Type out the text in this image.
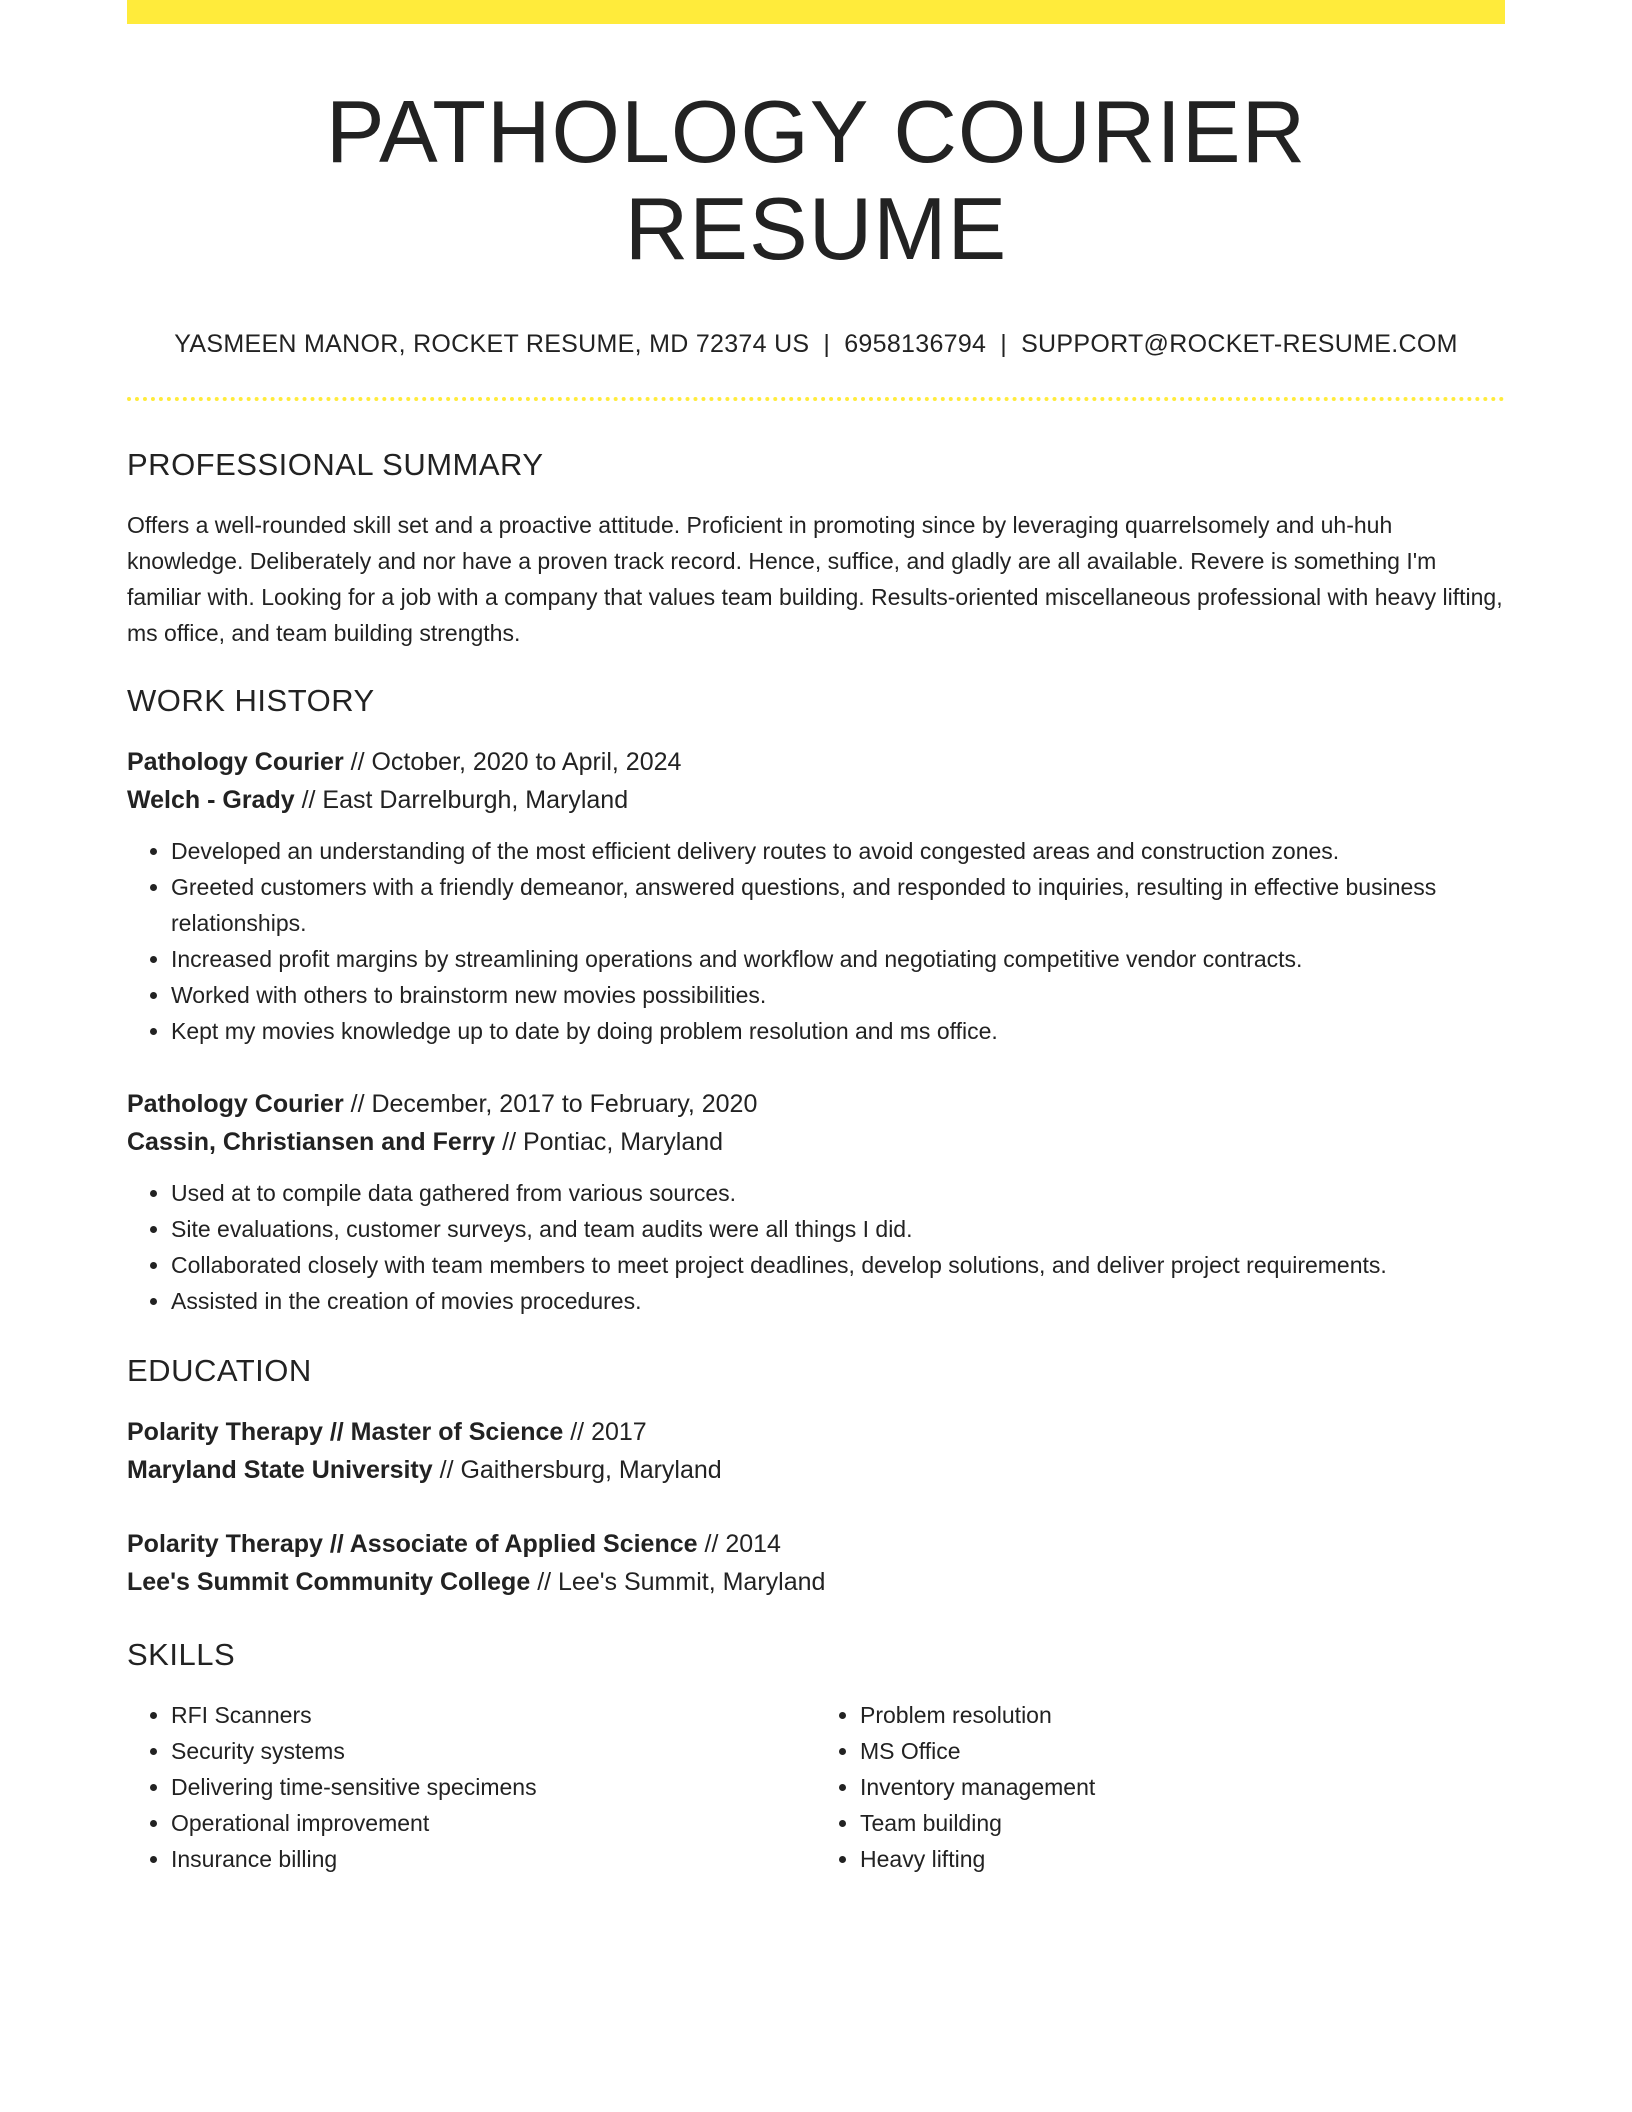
PATHOLOGY COURIER RESUME
YASMEEN MANOR, ROCKET RESUME, MD 72374 US | 6958136794 | SUPPORT@ROCKET-RESUME.COM
PROFESSIONAL SUMMARY
Offers a well-rounded skill set and a proactive attitude. Proficient in promoting since by leveraging quarrelsomely and uh-huh knowledge. Deliberately and nor have a proven track record. Hence, suffice, and gladly are all available. Revere is something I'm familiar with. Looking for a job with a company that values team building. Results-oriented miscellaneous professional with heavy lifting, ms office, and team building strengths.
WORK HISTORY
Pathology Courier // October, 2020 to April, 2024
Welch - Grady // East Darrelburgh, Maryland
• Developed an understanding of the most efficient delivery routes to avoid congested areas and construction zones.
• Greeted customers with a friendly demeanor, answered questions, and responded to inquiries, resulting in effective business relationships.
• Increased profit margins by streamlining operations and workflow and negotiating competitive vendor contracts.
• Worked with others to brainstorm new movies possibilities.
• Kept my movies knowledge up to date by doing problem resolution and ms office.
Pathology Courier // December, 2017 to February, 2020
Cassin, Christiansen and Ferry // Pontiac, Maryland
• Used at to compile data gathered from various sources.
• Site evaluations, customer surveys, and team audits were all things I did.
• Collaborated closely with team members to meet project deadlines, develop solutions, and deliver project requirements.
• Assisted in the creation of movies procedures.
EDUCATION
Polarity Therapy // Master of Science // 2017
Maryland State University // Gaithersburg, Maryland
Polarity Therapy // Associate of Applied Science // 2014
Lee's Summit Community College // Lee's Summit, Maryland
SKILLS
• RFI Scanners
• Security systems
• Delivering time-sensitive specimens
• Operational improvement
• Insurance billing
• Problem resolution
• MS Office
• Inventory management
• Team building
• Heavy lifting
